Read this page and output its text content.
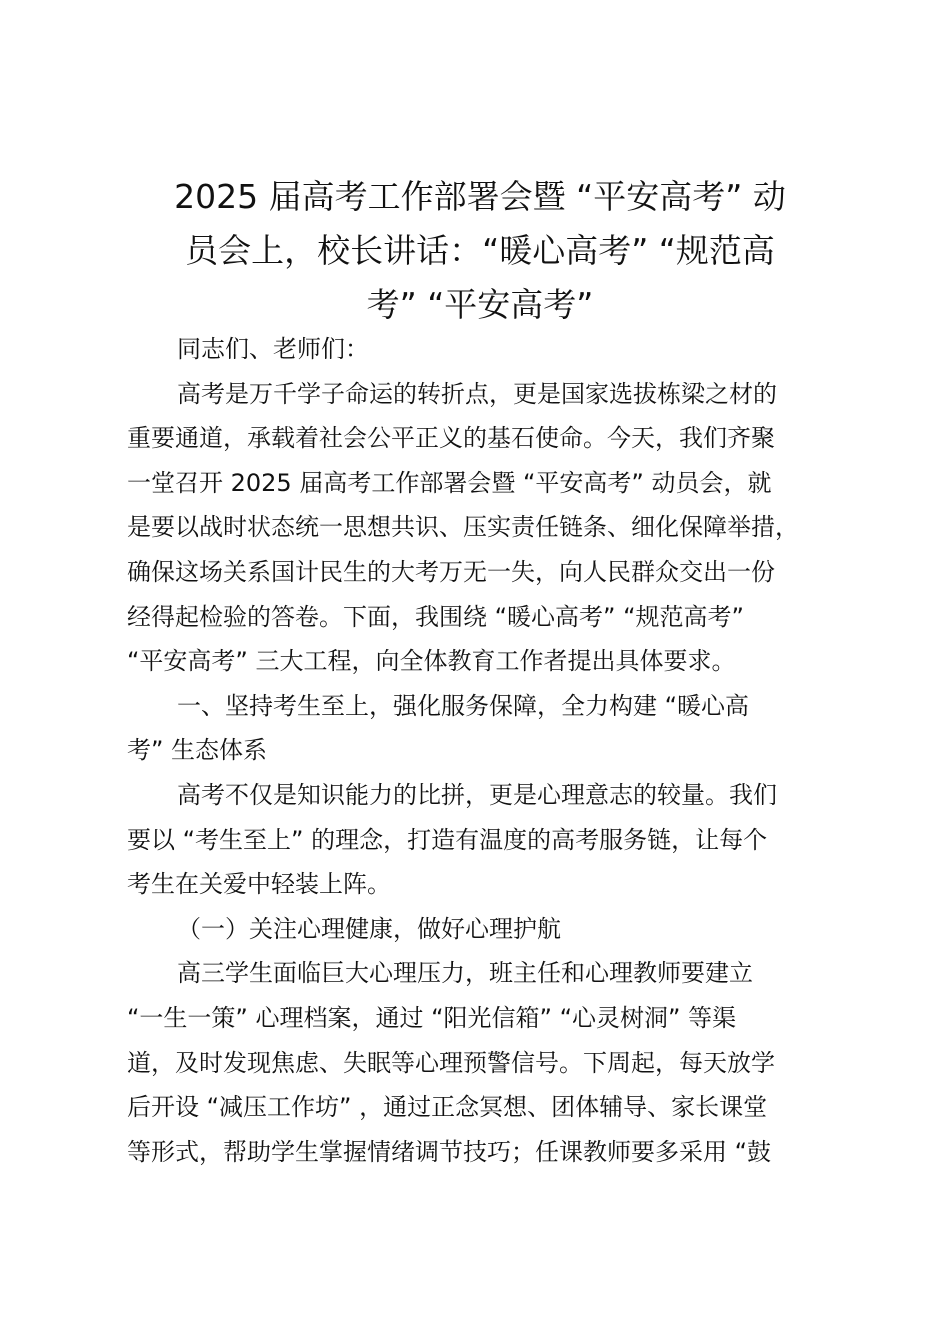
2025 届高考工作部署会暨 “平安高考” 动
员会上，校长讲话：“暖心高考” “规范高
考” “平安高考”
同志们、老师们：
高考是万千学子命运的转折点，更是国家选拔栋梁之材的
重要通道，承载着社会公平正义的基石使命。今天，我们齐聚
一堂召开 2025 届高考工作部署会暨 “平安高考” 动员会，就
是要以战时状态统一思想共识、压实责任链条、细化保障举措，
确保这场关系国计民生的大考万无一失，向人民群众交出一份
经得起检验的答卷。下面，我围绕 “暖心高考” “规范高考”
“平安高考” 三大工程，向全体教育工作者提出具体要求。
一、坚持考生至上，强化服务保障，全力构建 “暖心高
考” 生态体系
高考不仅是知识能力的比拼，更是心理意志的较量。我们
要以 “考生至上” 的理念，打造有温度的高考服务链，让每个
考生在关爱中轻装上阵。
（一）关注心理健康，做好心理护航
高三学生面临巨大心理压力，班主任和心理教师要建立
“一生一策” 心理档案，通过 “阳光信箱” “心灵树洞” 等渠
道，及时发现焦虑、失眠等心理预警信号。下周起，每天放学
后开设 “减压工作坊” ，通过正念冥想、团体辅导、家长课堂
等形式，帮助学生掌握情绪调节技巧；任课教师要多采用 “鼓
